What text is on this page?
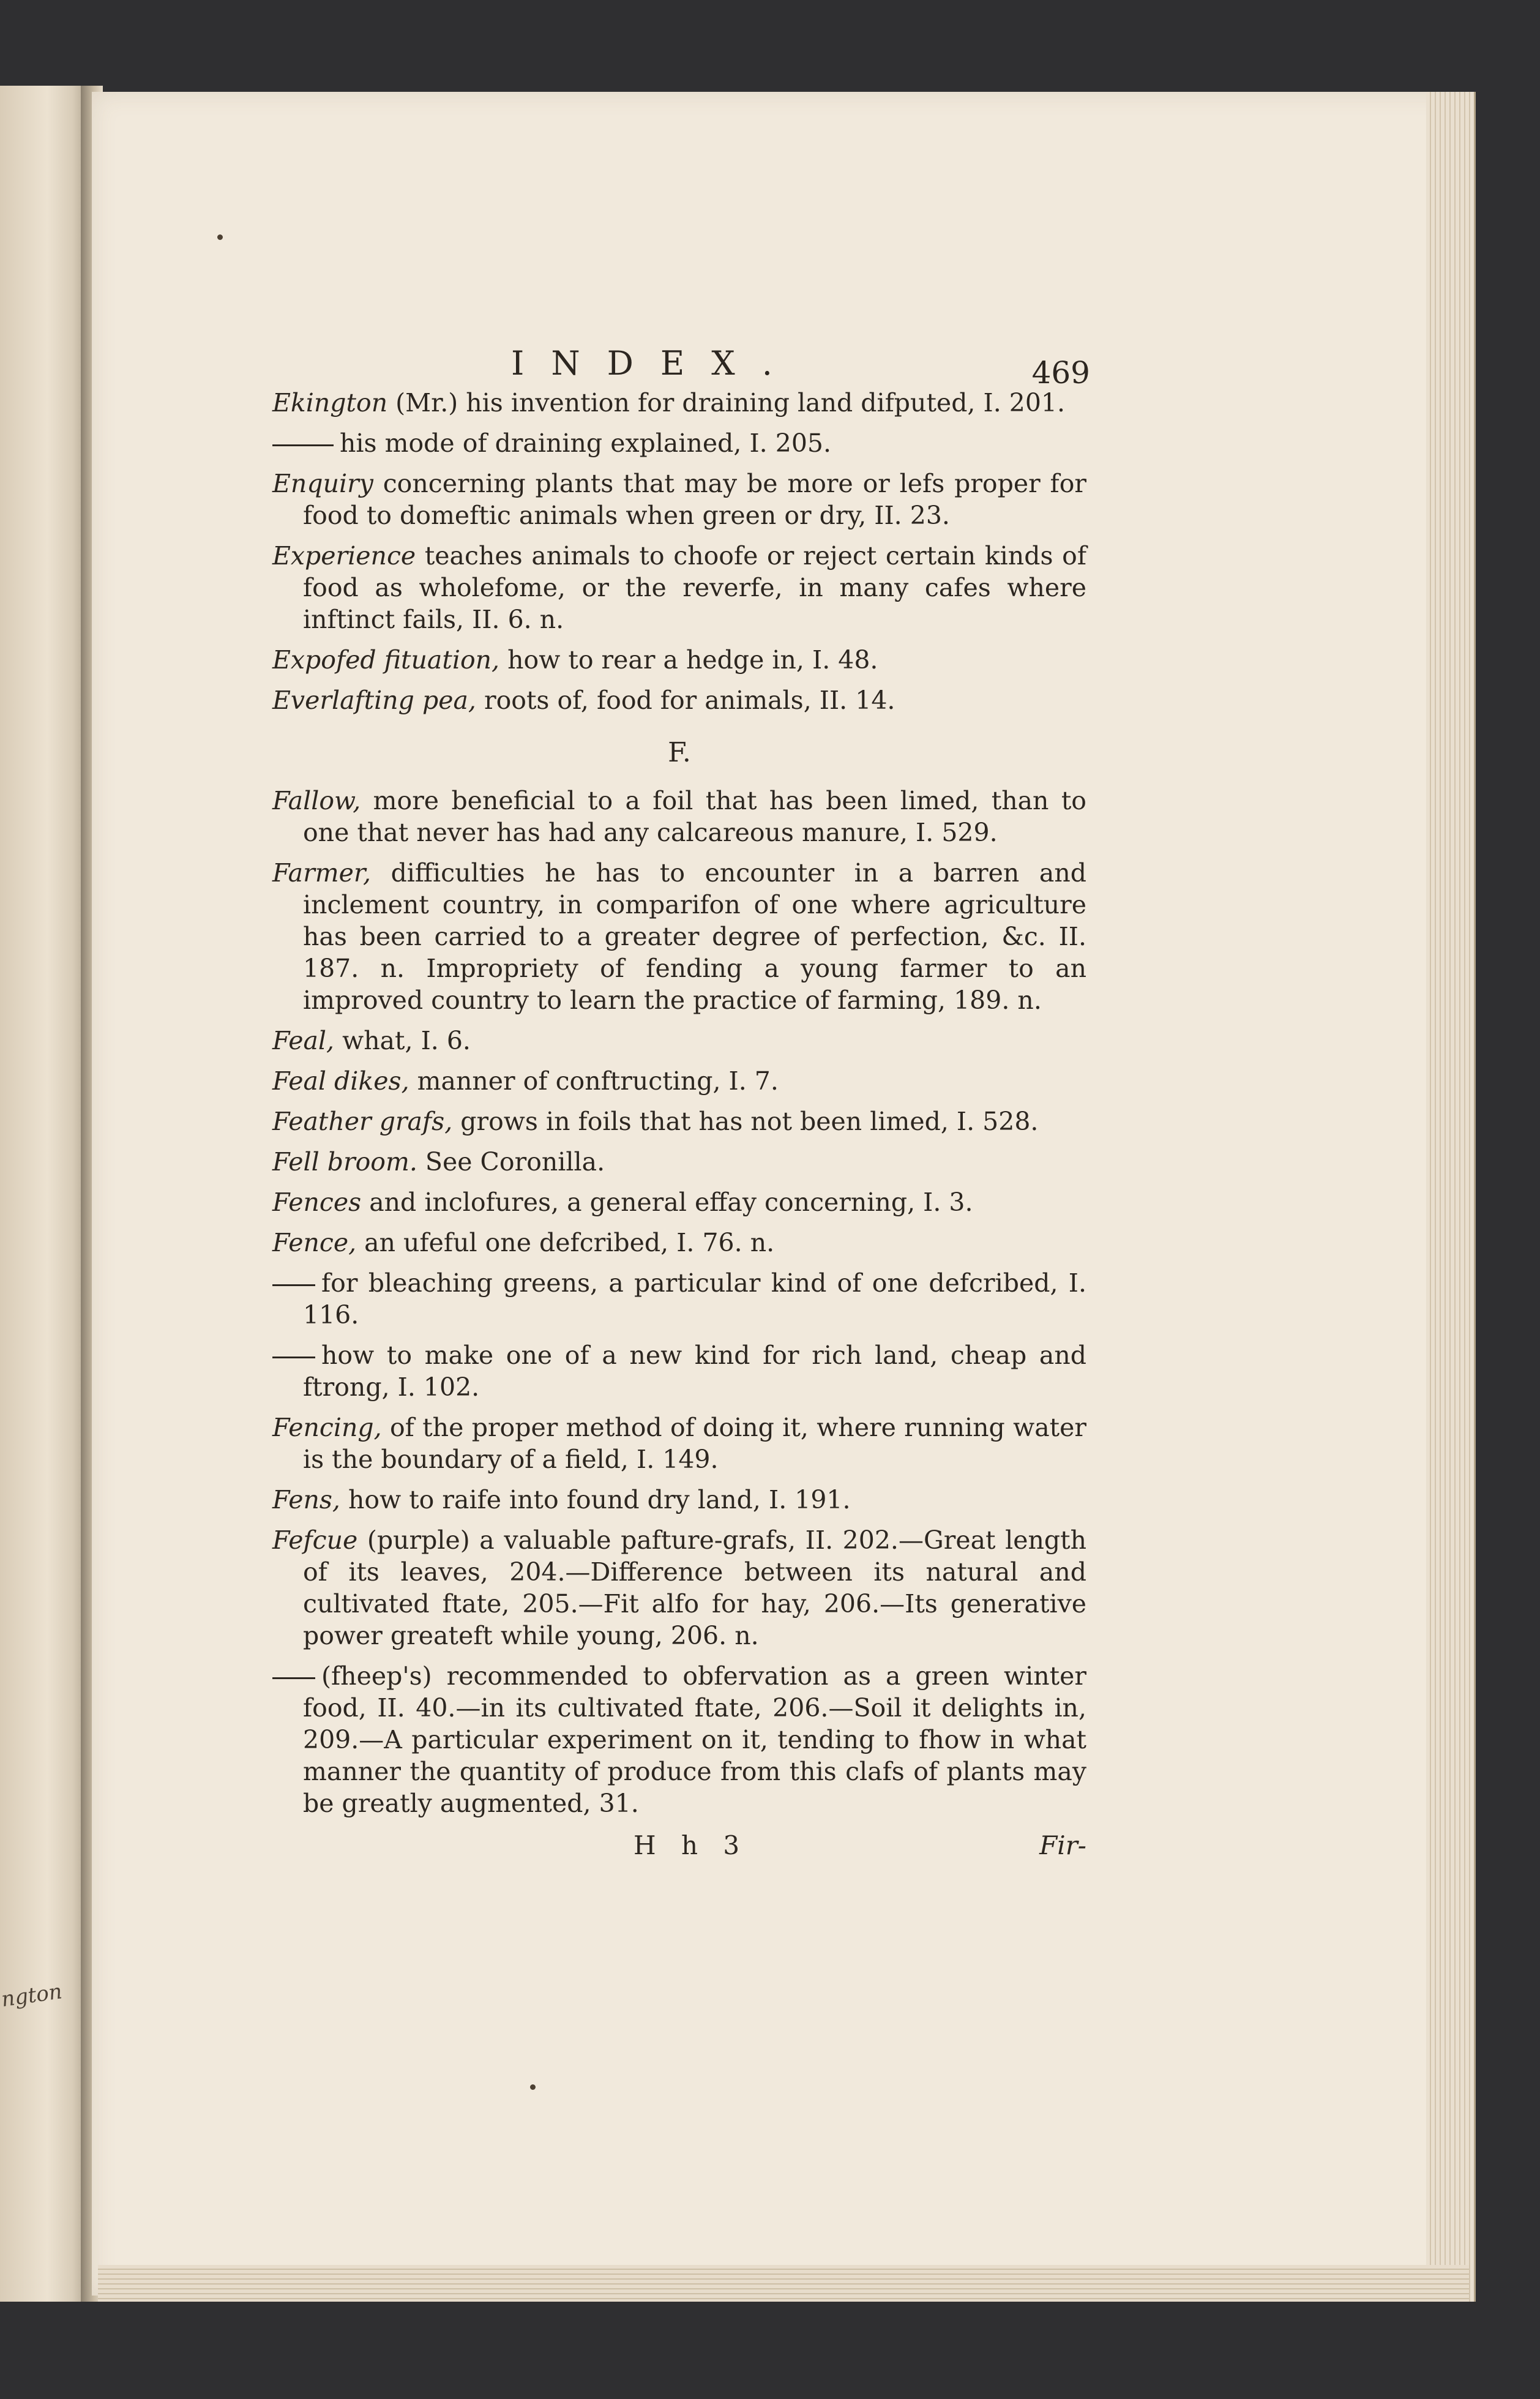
ngton
INDEX.	469
Ekington (Mr.) his invention for draining land difputed, I. 201.
his mode of draining explained, I. 205.
Enquiry concerning plants that may be more or lefs proper for food to domeftic animals when green or dry, II. 23.
Experience teaches animals to choofe or reject certain kinds of food as wholefome, or the reverfe, in many cafes where inftinct fails, II. 6. n.
Expofed fituation, how to rear a hedge in, I. 48.
Everlafting pea, roots of, food for animals, II. 14.
F.
Fallow, more beneficial to a foil that has been limed, than to one that never has had any calcareous manure, I. 529.
Farmer, difficulties he has to encounter in a barren and inclement country, in comparifon of one where agriculture has been carried to a greater degree of perfection, &c. II. 187. n. Impropriety of fending a young farmer to an improved country to learn the practice of farming, 189. n.
Feal, what, I. 6.
Feal dikes, manner of conftructing, I. 7.
Feather grafs, grows in foils that has not been limed, I. 528.
Fell broom. See Coronilla.
Fences and inclofures, a general effay concerning, I. 3.
Fence, an ufeful one defcribed, I. 76. n.
for bleaching greens, a particular kind of one defcribed, I. 116.
how to make one of a new kind for rich land, cheap and ftrong, I. 102.
Fencing, of the proper method of doing it, where running water is the boundary of a field, I. 149.
Fens, how to raife into found dry land, I. 191.
Fefcue (purple) a valuable pafture-grafs, II. 202.—Great length of its leaves, 204.—Difference between its natural and cultivated ftate, 205.—Fit alfo for hay, 206.—Its generative power greateft while young, 206. n.
(fheep's) recommended to obfervation as a green winter food, II. 40.—in its cultivated ftate, 206.—Soil it delights in, 209.—A particular experiment on it, tending to fhow in what manner the quantity of produce from this clafs of plants may be greatly augmented, 31.
H h 3	Fir-
